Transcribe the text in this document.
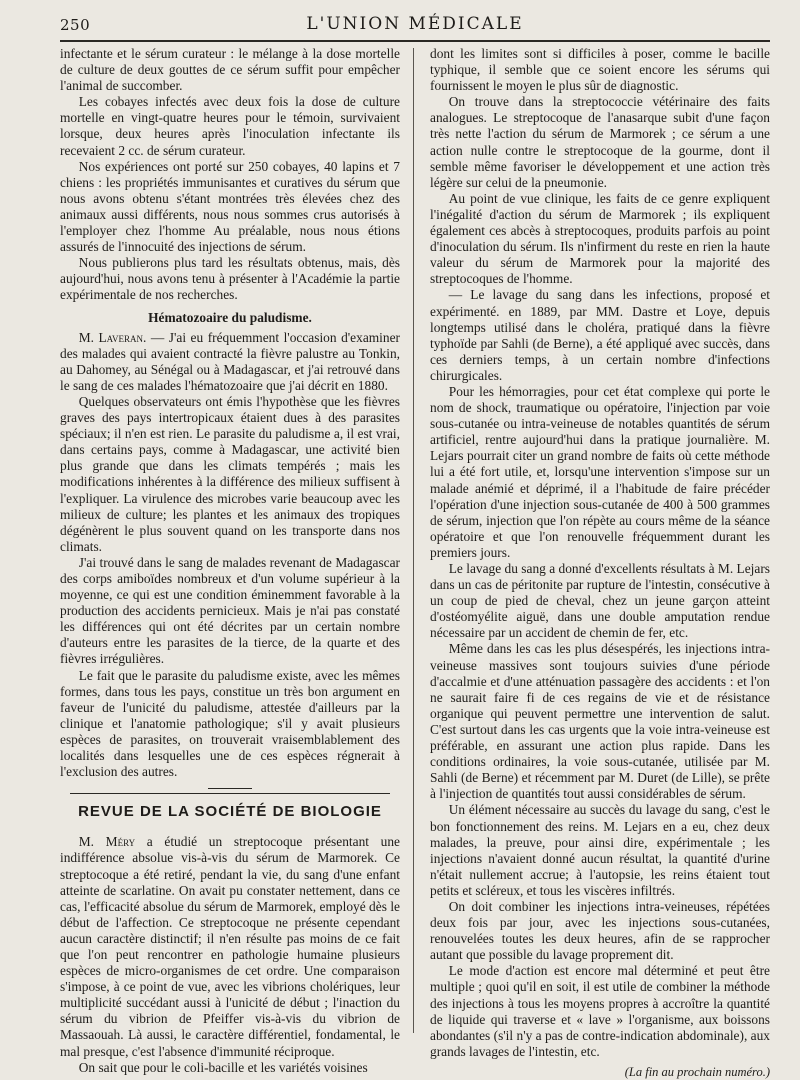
250	L'UNION MÉDICALE

infectante et le sérum curateur : le mélange à la dose mortelle de culture de deux gouttes de ce sérum suffit pour empêcher l'animal de succomber.

Les cobayes infectés avec deux fois la dose de culture mortelle en vingt-quatre heures pour le témoin, survivaient lorsque, deux heures après l'inoculation infectante ils recevaient 2 cc. de sérum curateur.

Nos expériences ont porté sur 250 cobayes, 40 lapins et 7 chiens : les propriétés immunisantes et curatives du sérum que nous avons obtenu s'étant montrées très élevées chez des animaux aussi différents, nous nous sommes crus autorisés à l'employer chez l'homme Au préalable, nous nous étions assurés de l'innocuité des injections de sérum.

Nous publierons plus tard les résultats obtenus, mais, dès aujourd'hui, nous avons tenu à présenter à l'Académie la partie expérimentale de nos recherches.

Hématozoaire du paludisme.

M. Laveran. — J'ai eu fréquemment l'occasion d'examiner des malades qui avaient contracté la fièvre palustre au Tonkin, au Dahomey, au Sénégal ou à Madagascar, et j'ai retrouvé dans le sang de ces malades l'hématozoaire que j'ai décrit en 1880.

Quelques observateurs ont émis l'hypothèse que les fièvres graves des pays intertropicaux étaient dues à des parasites spéciaux; il n'en est rien. Le parasite du paludisme a, il est vrai, dans certains pays, comme à Madagascar, une activité bien plus grande que dans les climats tempérés ; mais les modifications inhérentes à la différence des milieux suffisent à l'expliquer. La virulence des microbes varie beaucoup avec les milieux de culture; les plantes et les animaux des tropiques dégénèrent le plus souvent quand on les transporte dans nos climats.

J'ai trouvé dans le sang de malades revenant de Madagascar des corps amiboïdes nombreux et d'un volume supérieur à la moyenne, ce qui est une condition éminemment favorable à la production des accidents pernicieux. Mais je n'ai pas constaté les différences qui ont été décrites par un certain nombre d'auteurs entre les parasites de la tierce, de la quarte et des fièvres irrégulières.

Le fait que le parasite du paludisme existe, avec les mêmes formes, dans tous les pays, constitue un très bon argument en faveur de l'unicité du paludisme, attestée d'ailleurs par la clinique et l'anatomie pathologique; s'il y avait plusieurs espèces de parasites, on trouverait vraisemblablement des localités dans lesquelles une de ces espèces régnerait à l'exclusion des autres.

REVUE DE LA SOCIÉTÉ DE BIOLOGIE

M. Méry a étudié un streptocoque présentant une indifférence absolue vis-à-vis du sérum de Marmorek. Ce streptocoque a été retiré, pendant la vie, du sang d'une enfant atteinte de scarlatine. On avait pu constater nettement, dans ce cas, l'efficacité absolue du sérum de Marmorek, employé dès le début de l'affection. Ce streptocoque ne présente cependant aucun caractère distinctif; il n'en résulte pas moins de ce fait que l'on peut rencontrer en pathologie humaine plusieurs espèces de micro-organismes de cet ordre. Une comparaison s'impose, à ce point de vue, avec les vibrions cholériques, leur multiplicité succédant aussi à l'unicité de début ; l'inaction du sérum du vibrion de Pfeiffer vis-à-vis du vibrion de Massaouah. Là aussi, le caractère différentiel, fondamental, le mal presque, c'est l'absence d'immunité réciproque.

On sait que pour le coli-bacille et les variétés voisines

dont les limites sont si difficiles à poser, comme le bacille typhique, il semble que ce soient encore les sérums qui fournissent le moyen le plus sûr de diagnostic.

On trouve dans la streptococcie vétérinaire des faits analogues. Le streptocoque de l'anasarque subit d'une façon très nette l'action du sérum de Marmorek ; ce sérum a une action nulle contre le streptocoque de la gourme, dont il semble même favoriser le développement et une action très légère sur celui de la pneumonie.

Au point de vue clinique, les faits de ce genre expliquent l'inégalité d'action du sérum de Marmorek ; ils expliquent également ces abcès à streptocoques, produits parfois au point d'inoculation du sérum. Ils n'infirment du reste en rien la haute valeur du sérum de Marmorek pour la majorité des streptocoques de l'homme.

— Le lavage du sang dans les infections, proposé et expérimenté. en 1889, par MM. Dastre et Loye, depuis longtemps utilisé dans le choléra, pratiqué dans la fièvre typhoïde par Sahli (de Berne), a été appliqué avec succès, dans ces derniers temps, à un certain nombre d'infections chirurgicales.

Pour les hémorragies, pour cet état complexe qui porte le nom de shock, traumatique ou opératoire, l'injection par voie sous-cutanée ou intra-veineuse de notables quantités de sérum artificiel, rentre aujourd'hui dans la pratique journalière. M. Lejars pourrait citer un grand nombre de faits où cette méthode lui a été fort utile, et, lorsqu'une intervention s'impose sur un malade anémié et déprimé, il a l'habitude de faire précéder l'opération d'une injection sous-cutanée de 400 à 500 grammes de sérum, injection que l'on répète au cours même de la séance opératoire et que l'on renouvelle fréquemment durant les premiers jours.

Le lavage du sang a donné d'excellents résultats à M. Lejars dans un cas de péritonite par rupture de l'intestin, consécutive à un coup de pied de cheval, chez un jeune garçon atteint d'ostéomyélite aiguë, dans une double amputation rendue nécessaire par un accident de chemin de fer, etc.

Même dans les cas les plus désespérés, les injections intra-veineuse massives sont toujours suivies d'une période d'accalmie et d'une atténuation passagère des accidents : et l'on ne saurait faire fi de ces regains de vie et de résistance organique qui peuvent permettre une intervention de salut. C'est surtout dans les cas urgents que la voie intra-veineuse est préférable, en assurant une action plus rapide. Dans les conditions ordinaires, la voie sous-cutanée, utilisée par M. Sahli (de Berne) et récemment par M. Duret (de Lille), se prête à l'injection de quantités tout aussi considérables de sérum.

Un élément nécessaire au succès du lavage du sang, c'est le bon fonctionnement des reins. M. Lejars en a eu, chez deux malades, la preuve, pour ainsi dire, expérimentale ; les injections n'avaient donné aucun résultat, la quantité d'urine n'était nullement accrue; à l'autopsie, les reins étaient tout petits et scléreux, et tous les viscères infiltrés.

On doit combiner les injections intra-veineuses, répétées deux fois par jour, avec les injections sous-cutanées, renouvelées toutes les deux heures, afin de se rapprocher autant que possible du lavage proprement dit.

Le mode d'action est encore mal déterminé et peut être multiple ; quoi qu'il en soit, il est utile de combiner la méthode des injections à tous les moyens propres à accroître la quantité de liquide qui traverse et « lave » l'organisme, aux boissons abondantes (s'il n'y a pas de contre-indication abdominale), aux grands lavages de l'intestin, etc.

(La fin au prochain numéro.)
